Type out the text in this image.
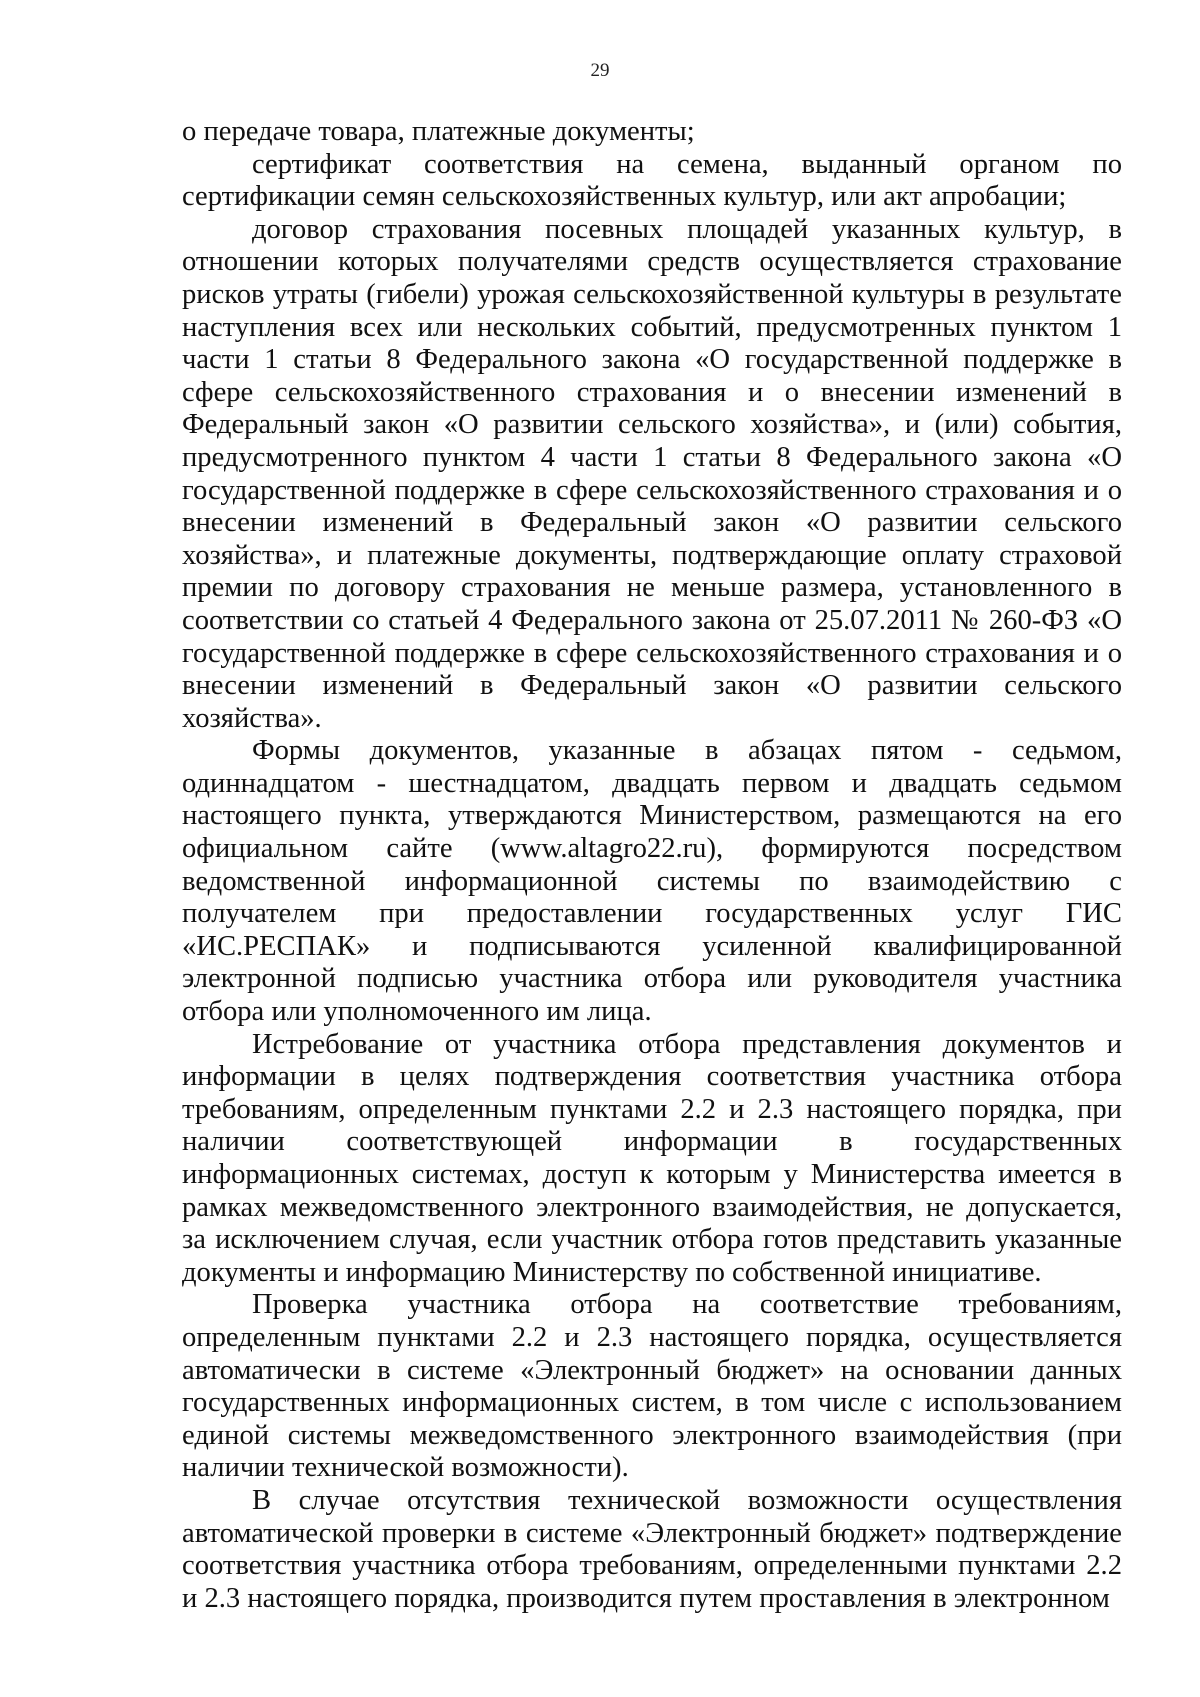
29

о передаче товара, платежные документы;

сертификат соответствия на семена, выданный органом по сертификации семян сельскохозяйственных культур, или акт апробации;

договор страхования посевных площадей указанных культур, в отношении которых получателями средств осуществляется страхование рисков утраты (гибели) урожая сельскохозяйственной культуры в результате наступления всех или нескольких событий, предусмотренных пунктом 1 части 1 статьи 8 Федерального закона «О государственной поддержке в сфере сельскохозяйственного страхования и о внесении изменений в Федеральный закон «О развитии сельского хозяйства», и (или) события, предусмотренного пунктом 4 части 1 статьи 8 Федерального закона «О государственной поддержке в сфере сельскохозяйственного страхования и о внесении изменений в Федеральный закон «О развитии сельского хозяйства», и платежные документы, подтверждающие оплату страховой премии по договору страхования не меньше размера, установленного в соответствии со статьей 4 Федерального закона от 25.07.2011 № 260-ФЗ «О государственной поддержке в сфере сельскохозяйственного страхования и о внесении изменений в Федеральный закон «О развитии сельского хозяйства».

Формы документов, указанные в абзацах пятом - седьмом, одиннадцатом - шестнадцатом, двадцать первом и двадцать седьмом настоящего пункта, утверждаются Министерством, размещаются на его официальном сайте (www.altagro22.ru), формируются посредством ведомственной информационной системы по взаимодействию с получателем при предоставлении государственных услуг ГИС «ИС.РЕСПАК» и подписываются усиленной квалифицированной электронной подписью участника отбора или руководителя участника отбора или уполномоченного им лица.

Истребование от участника отбора представления документов и информации в целях подтверждения соответствия участника отбора требованиям, определенным пунктами 2.2 и 2.3 настоящего порядка, при наличии соответствующей информации в государственных информационных системах, доступ к которым у Министерства имеется в рамках межведомственного электронного взаимодействия, не допускается, за исключением случая, если участник отбора готов представить указанные документы и информацию Министерству по собственной инициативе.

Проверка участника отбора на соответствие требованиям, определенным пунктами 2.2 и 2.3 настоящего порядка, осуществляется автоматически в системе «Электронный бюджет» на основании данных государственных информационных систем, в том числе с использованием единой системы межведомственного электронного взаимодействия (при наличии технической возможности).

В случае отсутствия технической возможности осуществления автоматической проверки в системе «Электронный бюджет» подтверждение соответствия участника отбора требованиям, определенными пунктами 2.2 и 2.3 настоящего порядка, производится путем проставления в электронном
